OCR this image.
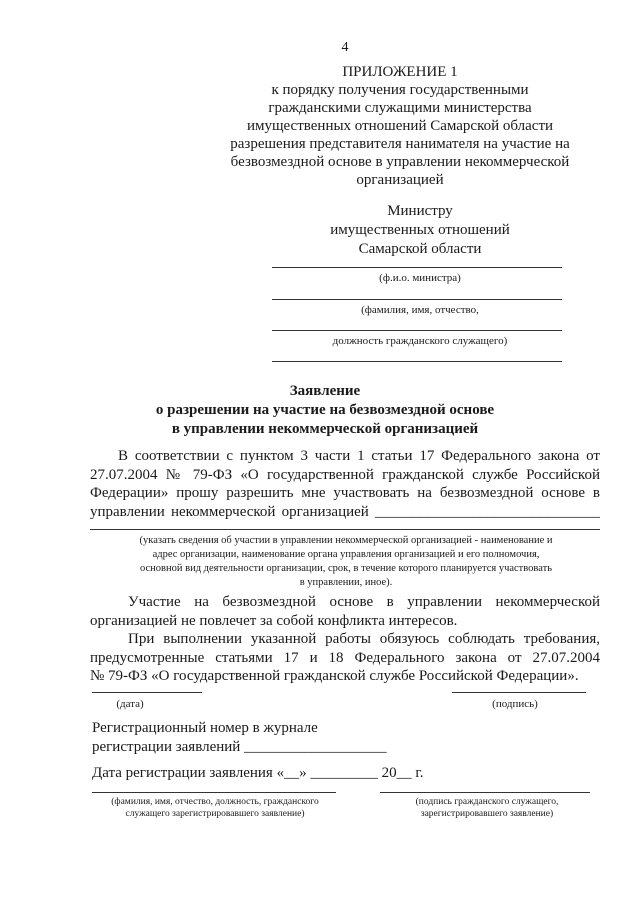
4
ПРИЛОЖЕНИЕ 1
к порядку получения государственными
гражданскими служащими министерства
имущественных отношений Самарской области
разрешения представителя нанимателя на участие на
безвозмездной основе в управлении некоммерческой
организацией
Министру
имущественных отношений
Самарской области
(ф.и.о. министра)
(фамилия, имя, отчество,
должность гражданского служащего)
Заявление
о разрешении на участие на безвозмездной основе
в управлении некоммерческой организацией
В соответствии с пунктом 3 части 1 статьи 17 Федерального закона от
27.07.2004 № 79-ФЗ «О государственной гражданской службе Российской
Федерации» прошу разрешить мне участвовать на безвозмездной основе в
управлении некоммерческой организацией ______________________________
(указать сведения об участии в управлении некоммерческой организацией - наименование и
адрес организации, наименование органа управления организацией и его полномочия,
основной вид деятельности организации, срок, в течение которого планируется участвовать
в управлении, иное).
Участие на безвозмездной основе в управлении некоммерческой
организацией не повлечет за собой конфликта интересов.
При выполнении указанной работы обязуюсь соблюдать требования,
предусмотренные статьями 17 и 18 Федерального закона от 27.07.2004
№ 79-ФЗ «О государственной гражданской службе Российской Федерации».
(дата)	(подпись)
Регистрационный номер в журнале
регистрации заявлений ___________________
Дата регистрации заявления «__» _________ 20__ г.
(фамилия, имя, отчество, должность, гражданского
служащего зарегистрировавшего заявление)
(подпись гражданского служащего,
зарегистрировавшего заявление)
